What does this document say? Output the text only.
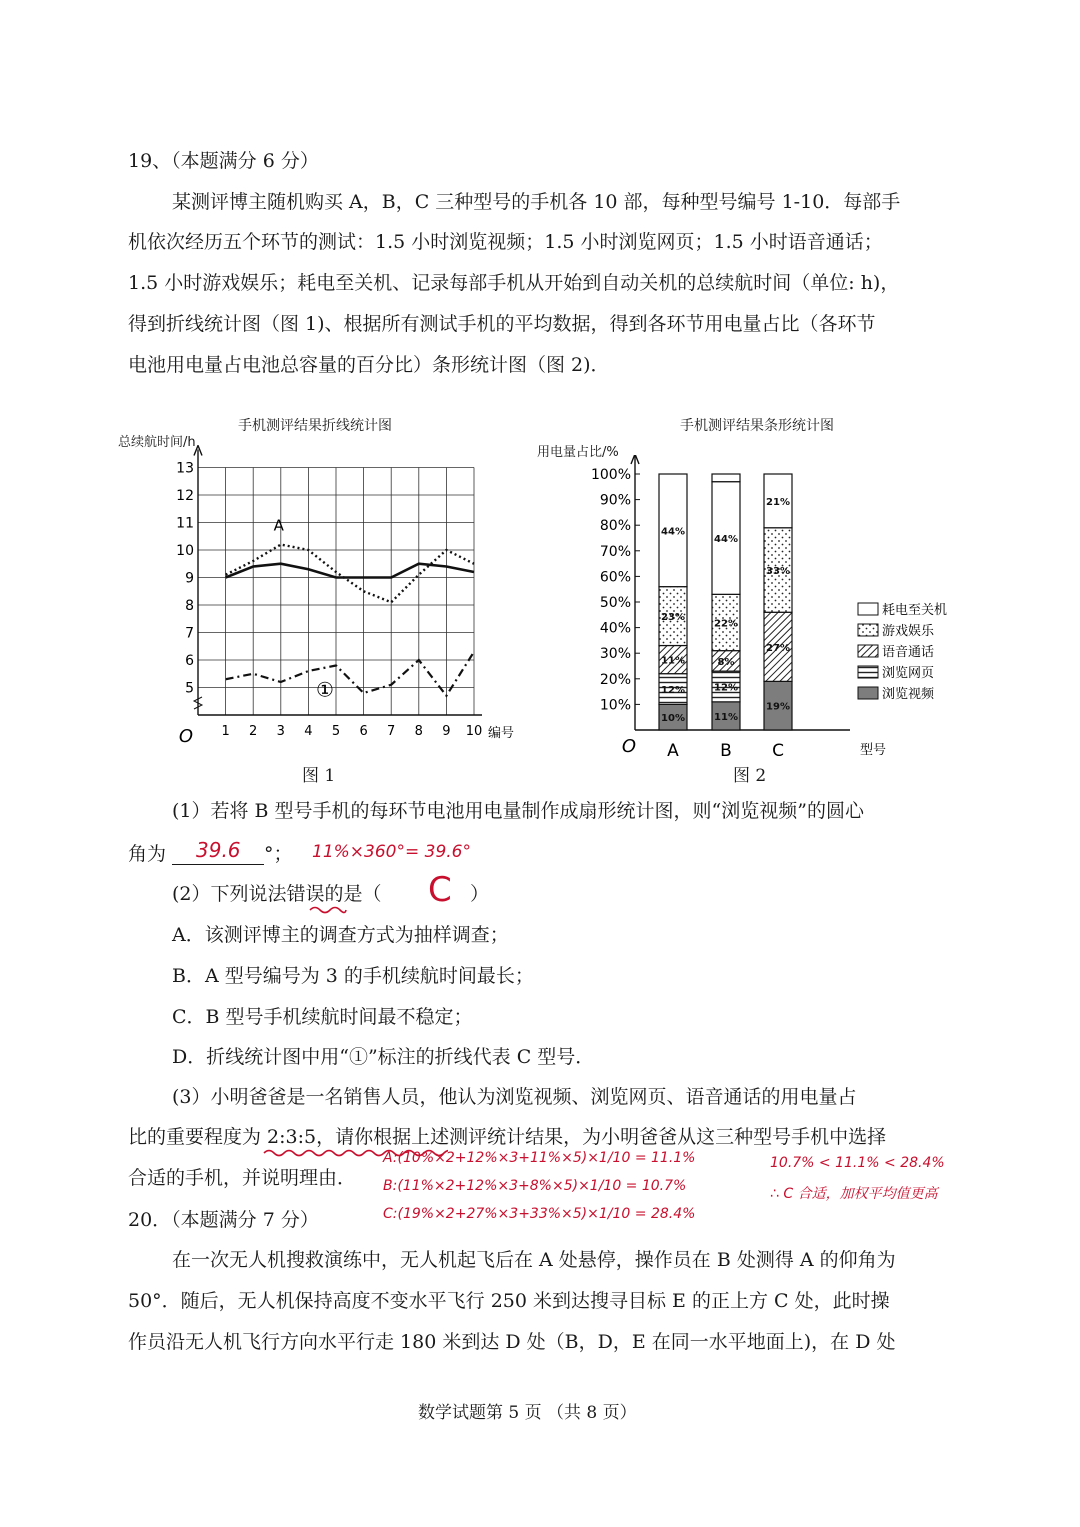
19、（本题满分 6 分）
某测评博主随机购买 A，B，C 三种型号的手机各 10 部，每种型号编号 1-10．每部手
机依次经历五个环节的测试：1.5 小时浏览视频；1.5 小时浏览网页；1.5 小时语音通话；
1.5 小时游戏娱乐；耗电至关机、记录每部手机从开始到自动关机的总续航时间（单位: h)，
得到折线统计图（图 1)、根据所有测试手机的平均数据，得到各环节用电量占比（各环节
电池用电量占电池总容量的百分比）条形统计图（图 2)．
手机测评结果折线统计图
总续航时间/h
5
6
7
8
9
10
11
12
13
1 2 3 4 5 6 7 8 9 10
O	编号
A
①
图 1
手机测评结果条形统计图
用电量占比/%
10%
20%
30%
40%
50%
60%
70%
80%
90%
100%
O	型号
A
10%
12%
11%
23%
44%
B
11%
12%
8%
22%
44%
C
19%
27%
33%
21%
耗电至关机
游戏娱乐
语音通话
浏览网页
浏览视频
图 2
(1）若将 B 型号手机的每环节电池用电量制作成扇形统计图，则“浏览视频”的圆心
角为	°；
39.6	11%×360°= 39.6°
(2）下列说法错误的是（ C ）
A．该测评博主的调查方式为抽样调查；
B．A 型号编号为 3 的手机续航时间最长；
C．B 型号手机续航时间最不稳定；
D．折线统计图中用“①”标注的折线代表 C 型号．
(3）小明爸爸是一名销售人员，他认为浏览视频、浏览网页、语音通话的用电量占
比的重要程度为 2:3:5，请你根据上述测评统计结果，为小明爸爸从这三种型号手机中选择
合适的手机，并说明理由．
A:(10%×2+12%×3+11%×5)×1/10 = 11.1%
B:(11%×2+12%×3+8%×5)×1/10 = 10.7%
C:(19%×2+27%×3+33%×5)×1/10 = 28.4%
10.7% < 11.1% < 28.4%
∴ C 合适，加权平均值更高
20．（本题满分 7 分）
在一次无人机搜救演练中，无人机起飞后在 A 处悬停，操作员在 B 处测得 A 的仰角为
50°．随后，无人机保持高度不变水平飞行 250 米到达搜寻目标 E 的正上方 C 处，此时操
作员沿无人机飞行方向水平行走 180 米到达 D 处（B，D，E 在同一水平地面上)，在 D 处
数学试题第 5 页 （共 8 页）
